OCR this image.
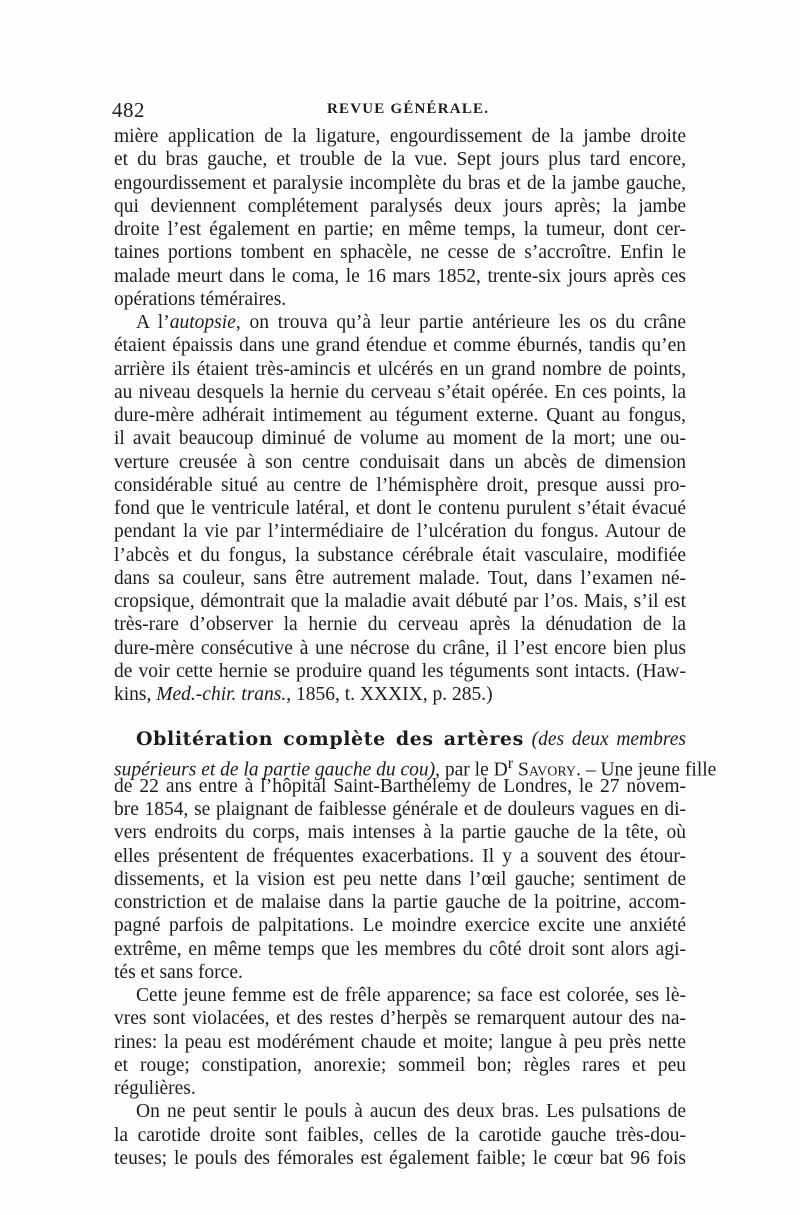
482	REVUE GÉNÉRALE.
mière application de la ligature, engourdissement de la jambe droite
et du bras gauche, et trouble de la vue. Sept jours plus tard encore,
engourdissement et paralysie incomplète du bras et de la jambe gauche,
qui deviennent complétement paralysés deux jours après; la jambe
droite l’est également en partie; en même temps, la tumeur, dont cer-
taines portions tombent en sphacèle, ne cesse de s’accroître. Enfin le
malade meurt dans le coma, le 16 mars 1852, trente-six jours après ces
opérations téméraires.
A l’autopsie, on trouva qu’à leur partie antérieure les os du crâne
étaient épaissis dans une grand étendue et comme éburnés, tandis qu’en
arrière ils étaient très-amincis et ulcérés en un grand nombre de points,
au niveau desquels la hernie du cerveau s’était opérée. En ces points, la
dure-mère adhérait intimement au tégument externe. Quant au fongus,
il avait beaucoup diminué de volume au moment de la mort; une ou-
verture creusée à son centre conduisait dans un abcès de dimension
considérable situé au centre de l’hémisphère droit, presque aussi pro-
fond que le ventricule latéral, et dont le contenu purulent s’était évacué
pendant la vie par l’intermédiaire de l’ulcération du fongus. Autour de
l’abcès et du fongus, la substance cérébrale était vasculaire, modifiée
dans sa couleur, sans être autrement malade. Tout, dans l’examen né-
cropsique, démontrait que la maladie avait débuté par l’os. Mais, s’il est
très-rare d’observer la hernie du cerveau après la dénudation de la
dure-mère consécutive à une nécrose du crâne, il l’est encore bien plus
de voir cette hernie se produire quand les téguments sont intacts. (Haw-
kins, Med.-chir. trans., 1856, t. XXXIX, p. 285.)
Oblitération complète des artères (des deux membres
supérieurs et de la partie gauche du cou), par le $D^r$ Savory. – Une jeune fille
de 22 ans entre à l’hôpital Saint-Barthélemy de Londres, le 27 novem-
bre 1854, se plaignant de faiblesse générale et de douleurs vagues en di-
vers endroits du corps, mais intenses à la partie gauche de la tête, où
elles présentent de fréquentes exacerbations. Il y a souvent des étour-
dissements, et la vision est peu nette dans l’œil gauche; sentiment de
constriction et de malaise dans la partie gauche de la poitrine, accom-
pagné parfois de palpitations. Le moindre exercice excite une anxiété
extrême, en même temps que les membres du côté droit sont alors agi-
tés et sans force.
Cette jeune femme est de frêle apparence; sa face est colorée, ses lè-
vres sont violacées, et des restes d’herpès se remarquent autour des na-
rines: la peau est modérément chaude et moite; langue à peu près nette
et rouge; constipation, anorexie; sommeil bon; règles rares et peu
régulières.
On ne peut sentir le pouls à aucun des deux bras. Les pulsations de
la carotide droite sont faibles, celles de la carotide gauche très-dou-
teuses; le pouls des fémorales est également faible; le cœur bat 96 fois
